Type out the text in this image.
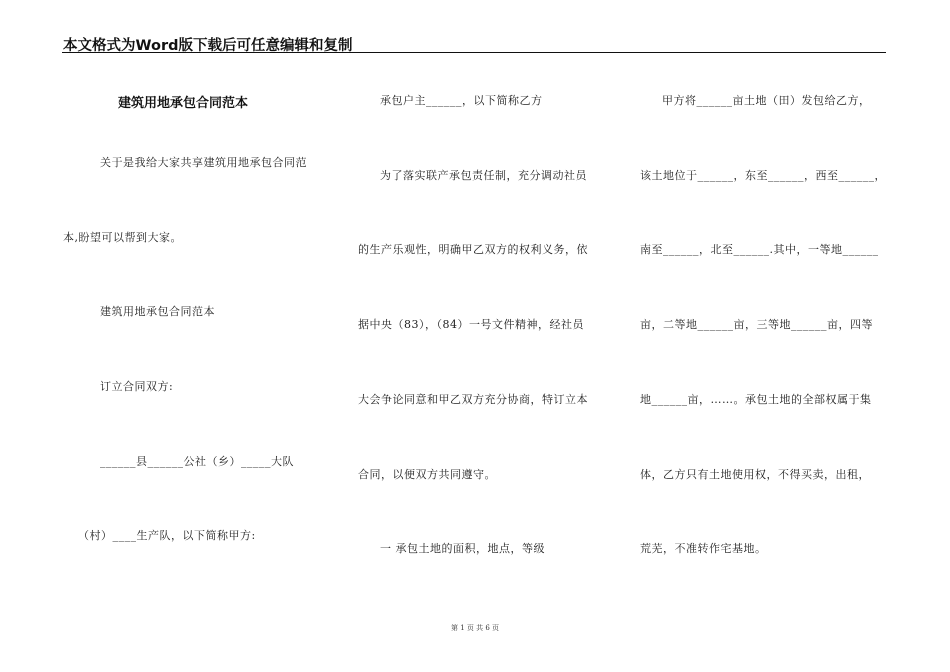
本文格式为Word版下载后可任意编辑和复制
建筑用地承包合同范本
关于是我给大家共享建筑用地承包合同范
本,盼望可以帮到大家。
建筑用地承包合同范本
订立合同双方:
______县______公社（乡）_____大队
（村）____生产队，以下简称甲方:
承包户主______，以下简称乙方
为了落实联产承包责任制，充分调动社员
的生产乐观性，明确甲乙双方的权利义务，依
据中央（83），（84）一号文件精神，经社员
大会争论同意和甲乙双方充分协商，特订立本
合同，以便双方共同遵守。
一 承包土地的面积，地点，等级
甲方将______亩土地（田）发包给乙方，
该土地位于______，东至______，西至______，
南至______，北至______.其中，一等地______
亩，二等地______亩，三等地______亩，四等
地______亩，……。承包土地的全部权属于集
体，乙方只有土地使用权，不得买卖，出租，
荒芜，不准转作宅基地。
第 1 页 共 6 页
